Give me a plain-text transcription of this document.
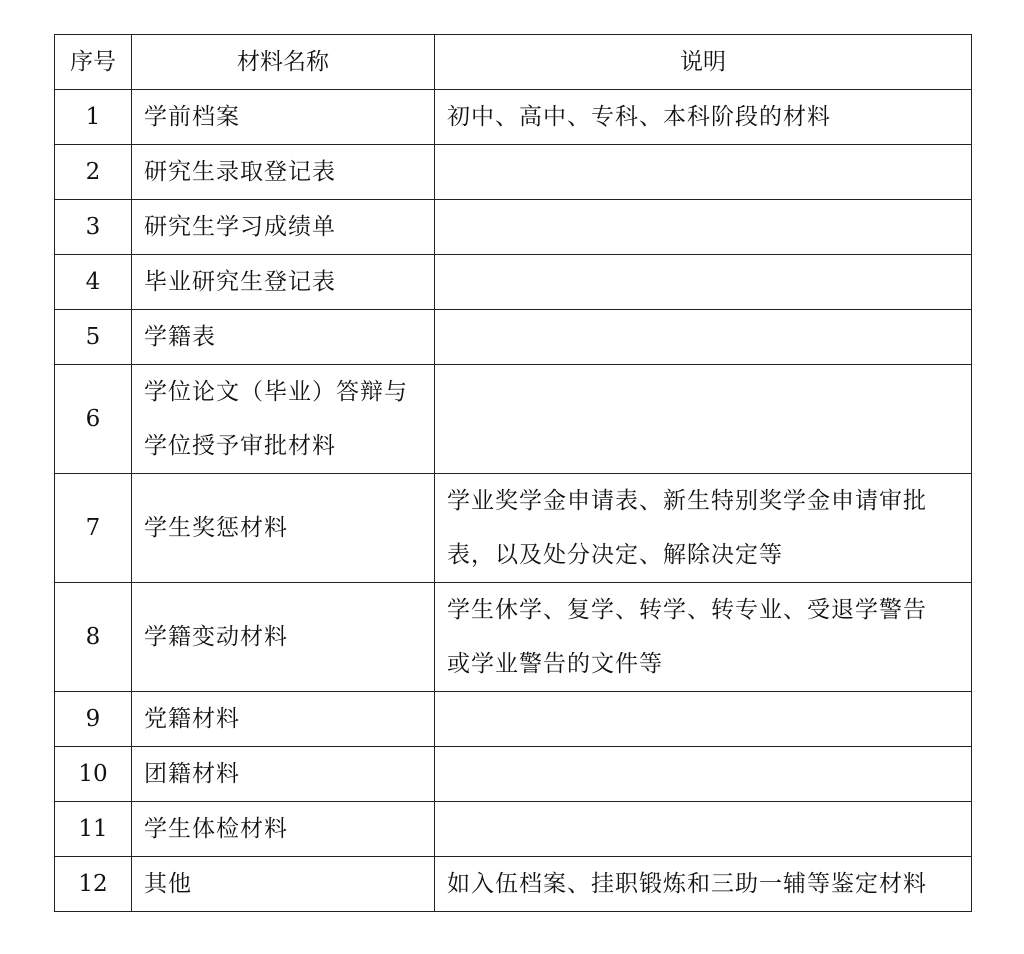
序号	材料名称	说明
1	学前档案	初中、高中、专科、本科阶段的材料

2	研究生录取登记表	

3	研究生学习成绩单	

4	毕业研究生登记表	

5	学籍表	

6	学位论文（毕业）答辩与
学位授予审批材料	

7	学生奖惩材料	学业奖学金申请表、新生特别奖学金申请审批
表，以及处分决定、解除决定等

8	学籍变动材料	学生休学、复学、转学、转专业、受退学警告
或学业警告的文件等

9	党籍材料	

10	团籍材料	

11	学生体检材料	

12	其他	如入伍档案、挂职锻炼和三助一辅等鉴定材料
